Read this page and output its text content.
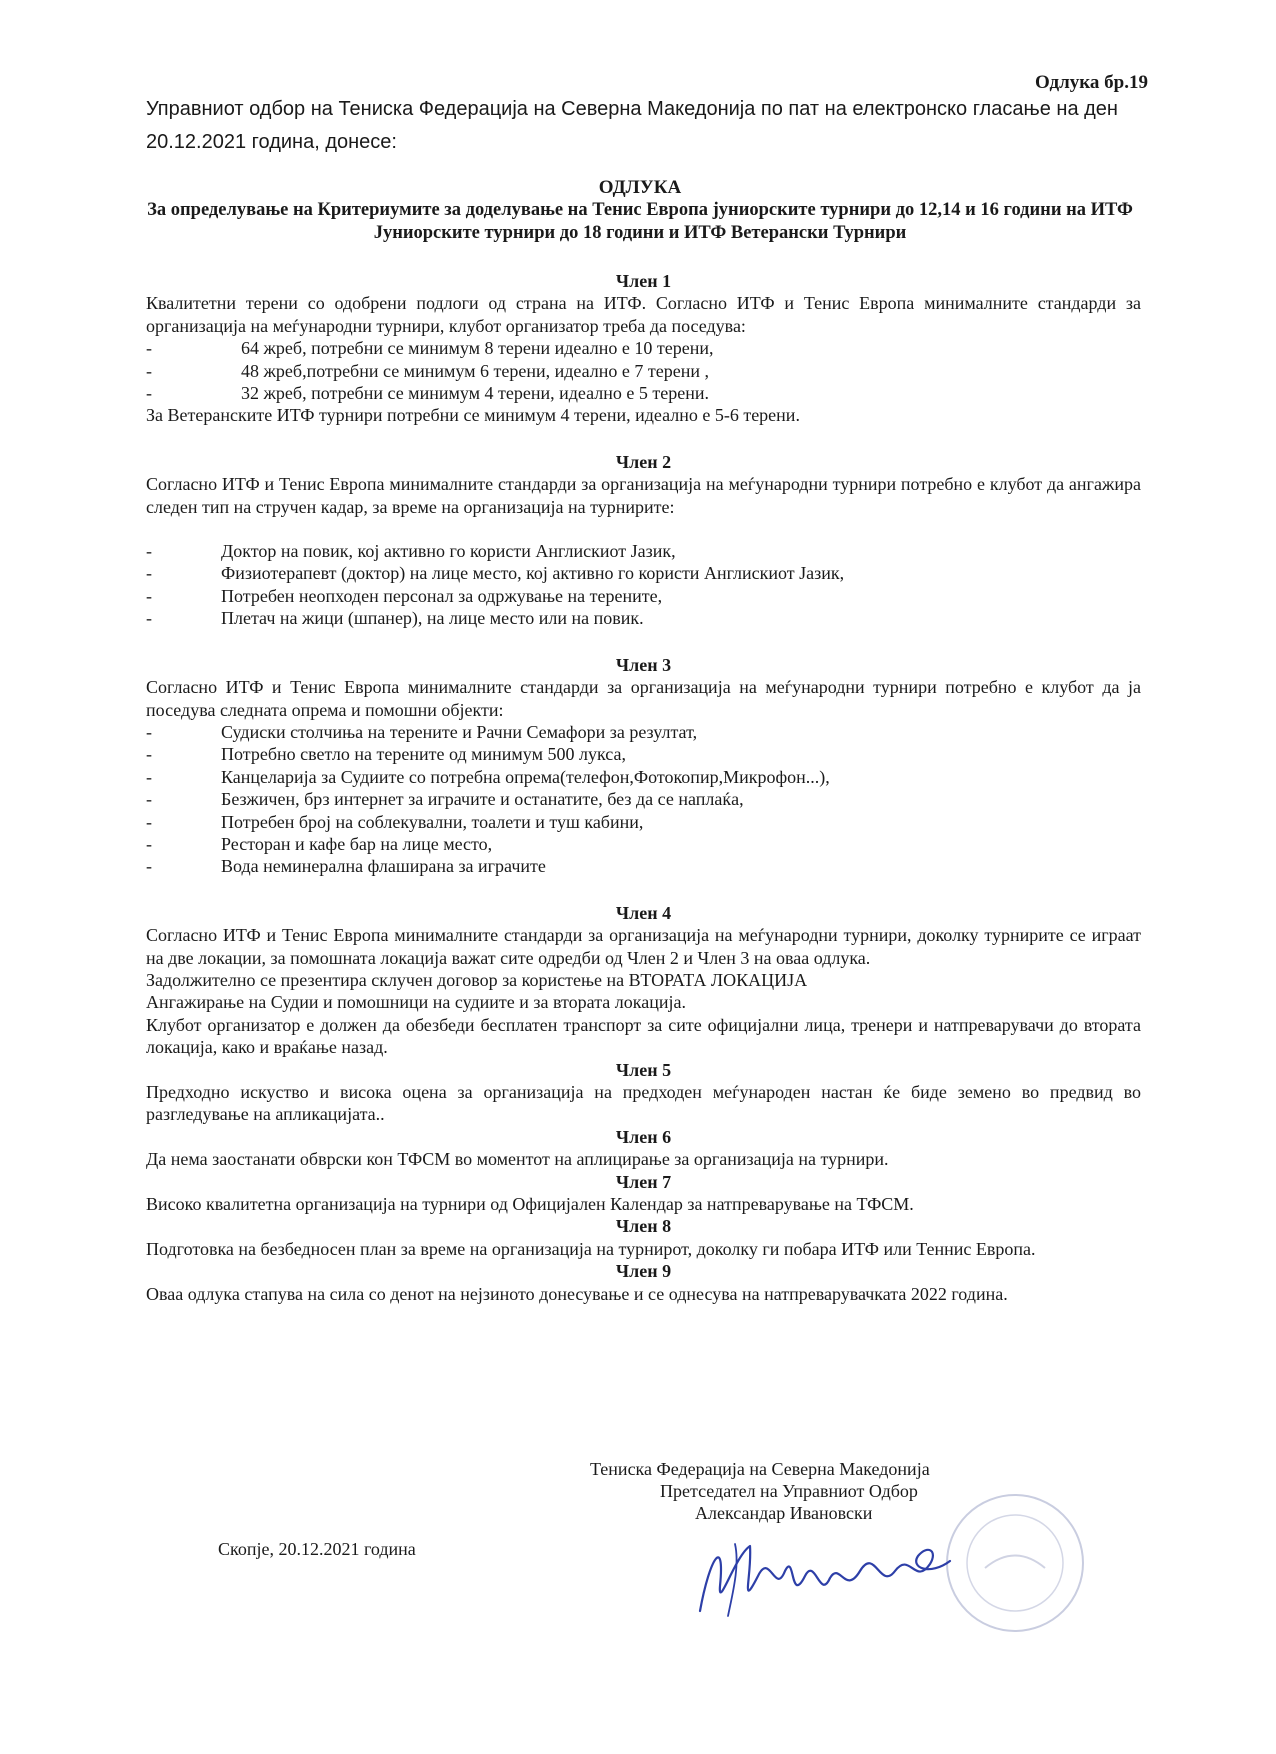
Одлука бр.19
Управниот одбор на Тениска Федерација на Северна Македонија по пат на електронско гласање на ден 20.12.2021 година, донесе:
ОДЛУКА
За определување на Критериумите за доделување на Тенис Европа јуниорските турнири до 12,14 и 16 години на ИТФ Јуниорските турнири до 18 години и ИТФ Ветерански Турнири

Член 1

Квалитетни терени со одобрени подлоги од страна на ИТФ. Согласно ИТФ и Тенис Европа минималните стандарди за организација на меѓународни турнири, клубот организатор треба да поседува:

-	64 жреб, потребни се минимум 8 терени идеално е 10 терени,
-	48 жреб,потребни се минимум 6 терени, идеално е 7 терени ,
-	32 жреб, потребни се минимум 4 терени, идеално е 5 терени.

За Ветеранските ИТФ турнири потребни се минимум 4 терени, идеално е 5-6 терени.

Член 2

Согласно ИТФ и Тенис Европа минималните стандарди за организација на меѓународни турнири потребно е клубот да ангажира следен тип на стручен кадар, за време на организација на турнирите:

-	Доктор на повик, кој активно го користи Англискиот Јазик,
-	Физиотерапевт (доктор) на лице место, кој активно го користи Англискиот Јазик,
-	Потребен неопходен персонал за одржување на терените,
-	Плетач на жици (шпанер), на лице место или на повик.

Член 3

Согласно ИТФ и Тенис Европа минималните стандарди за организација на меѓународни турнири потребно е клубот да ја поседува следната опрема и помошни објекти:

-	Судиски столчиња на терените и Рачни Семафори за резултат,
-	Потребно светло на терените од минимум 500 лукса,
-	Канцеларија за Судиите со потребна опрема(телефон,Фотокопир,Микрофон...),
-	Безжичен, брз интернет за играчите и останатите, без да се наплаќа,
-	Потребен број на соблекувални, тоалети и туш кабини,
-	Ресторан и кафе бар на лице место,
-	Вода неминерална флаширана за играчите

Член 4

Согласно ИТФ и Тенис Европа минималните стандарди за организација на меѓународни турнири, доколку турнирите се играат на две локации, за помошната локација важат сите одредби од Член 2 и Член 3 на оваа одлука.

Задолжително се презентира склучен договор за користење на ВТОРАТА ЛОКАЦИЈА

Ангажирање на Судии и помошници на судиите и за втората локација.

Клубот организатор е должен да обезбеди бесплатен транспорт за сите официјални лица, тренери и натпреварувачи до втората локација, како и враќање назад.

Член 5

Предходно искуство и висока оцена за организација на предходен меѓународен настан ќе биде земено во предвид во разгледување на апликацијата..

Член 6

Да нема заостанати обврски кон ТФСМ во моментот на аплицирање за организација на турнири.

Член 7

Високо квалитетна организација на турнири од Официјален Календар за натпреварување на ТФСМ.

Член 8

Подготовка на безбедносен план за време на организација на турнирот, доколку ги побара ИТФ или Теннис Европа.

Член 9

Оваа одлука стапува на сила со денот на нејзиното донесување и се однесува на натпреварувачката 2022 година.

Тениска Федерација на Северна Македонија
Претседател на Управниот Одбор
Александар Ивановски
Скопје, 20.12.2021 година
